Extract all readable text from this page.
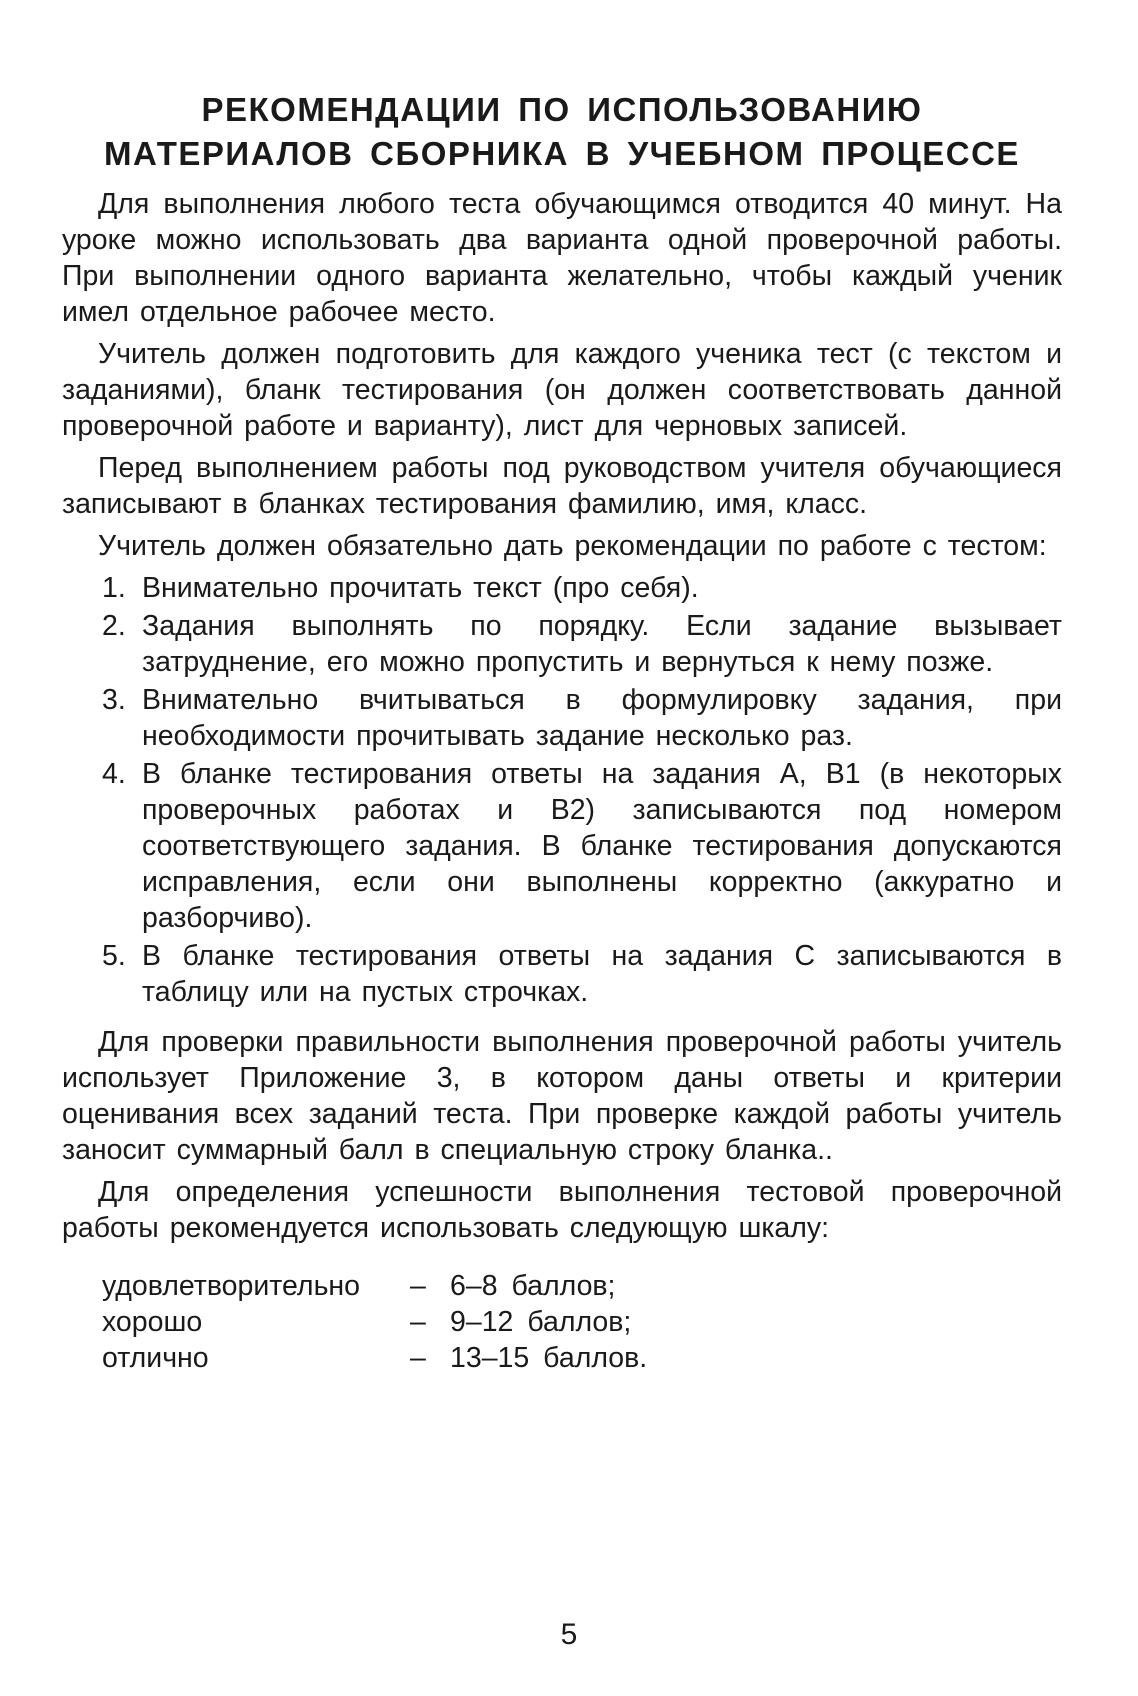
РЕКОМЕНДАЦИИ ПО ИСПОЛЬЗОВАНИЮ
МАТЕРИАЛОВ СБОРНИКА В УЧЕБНОМ ПРОЦЕССЕ

Для выполнения любого теста обучающимся отводится 40 минут. На уроке можно использовать два варианта одной проверочной работы. При выполнении одного варианта желательно, чтобы каждый ученик имел отдельное рабочее место.

Учитель должен подготовить для каждого ученика тест (с текстом и заданиями), бланк тестирования (он должен соответствовать данной проверочной работе и варианту), лист для черновых записей.

Перед выполнением работы под руководством учителя обучающиеся записывают в бланках тестирования фамилию, имя, класс.

Учитель должен обязательно дать рекомендации по работе с тестом:

1. Внимательно прочитать текст (про себя).
2. Задания выполнять по порядку. Если задание вызывает затруднение, его можно пропустить и вернуться к нему позже.
3. Внимательно вчитываться в формулировку задания, при необходимости прочитывать задание несколько раз.
4. В бланке тестирования ответы на задания А, В1 (в некоторых проверочных работах и В2) записываются под номером соответствующего задания. В бланке тестирования допускаются исправления, если они выполнены корректно (аккуратно и разборчиво).
5. В бланке тестирования ответы на задания С записываются в таблицу или на пустых строчках.

Для проверки правильности выполнения проверочной работы учитель использует Приложение 3, в котором даны ответы и критерии оценивания всех заданий теста. При проверке каждой работы учитель заносит суммарный балл в специальную строку бланка..

Для определения успешности выполнения тестовой проверочной работы рекомендуется использовать следующую шкалу:

удовлетворительно	– 6–8 баллов;
хорошо	– 9–12 баллов;
отлично	– 13–15 баллов.
5
